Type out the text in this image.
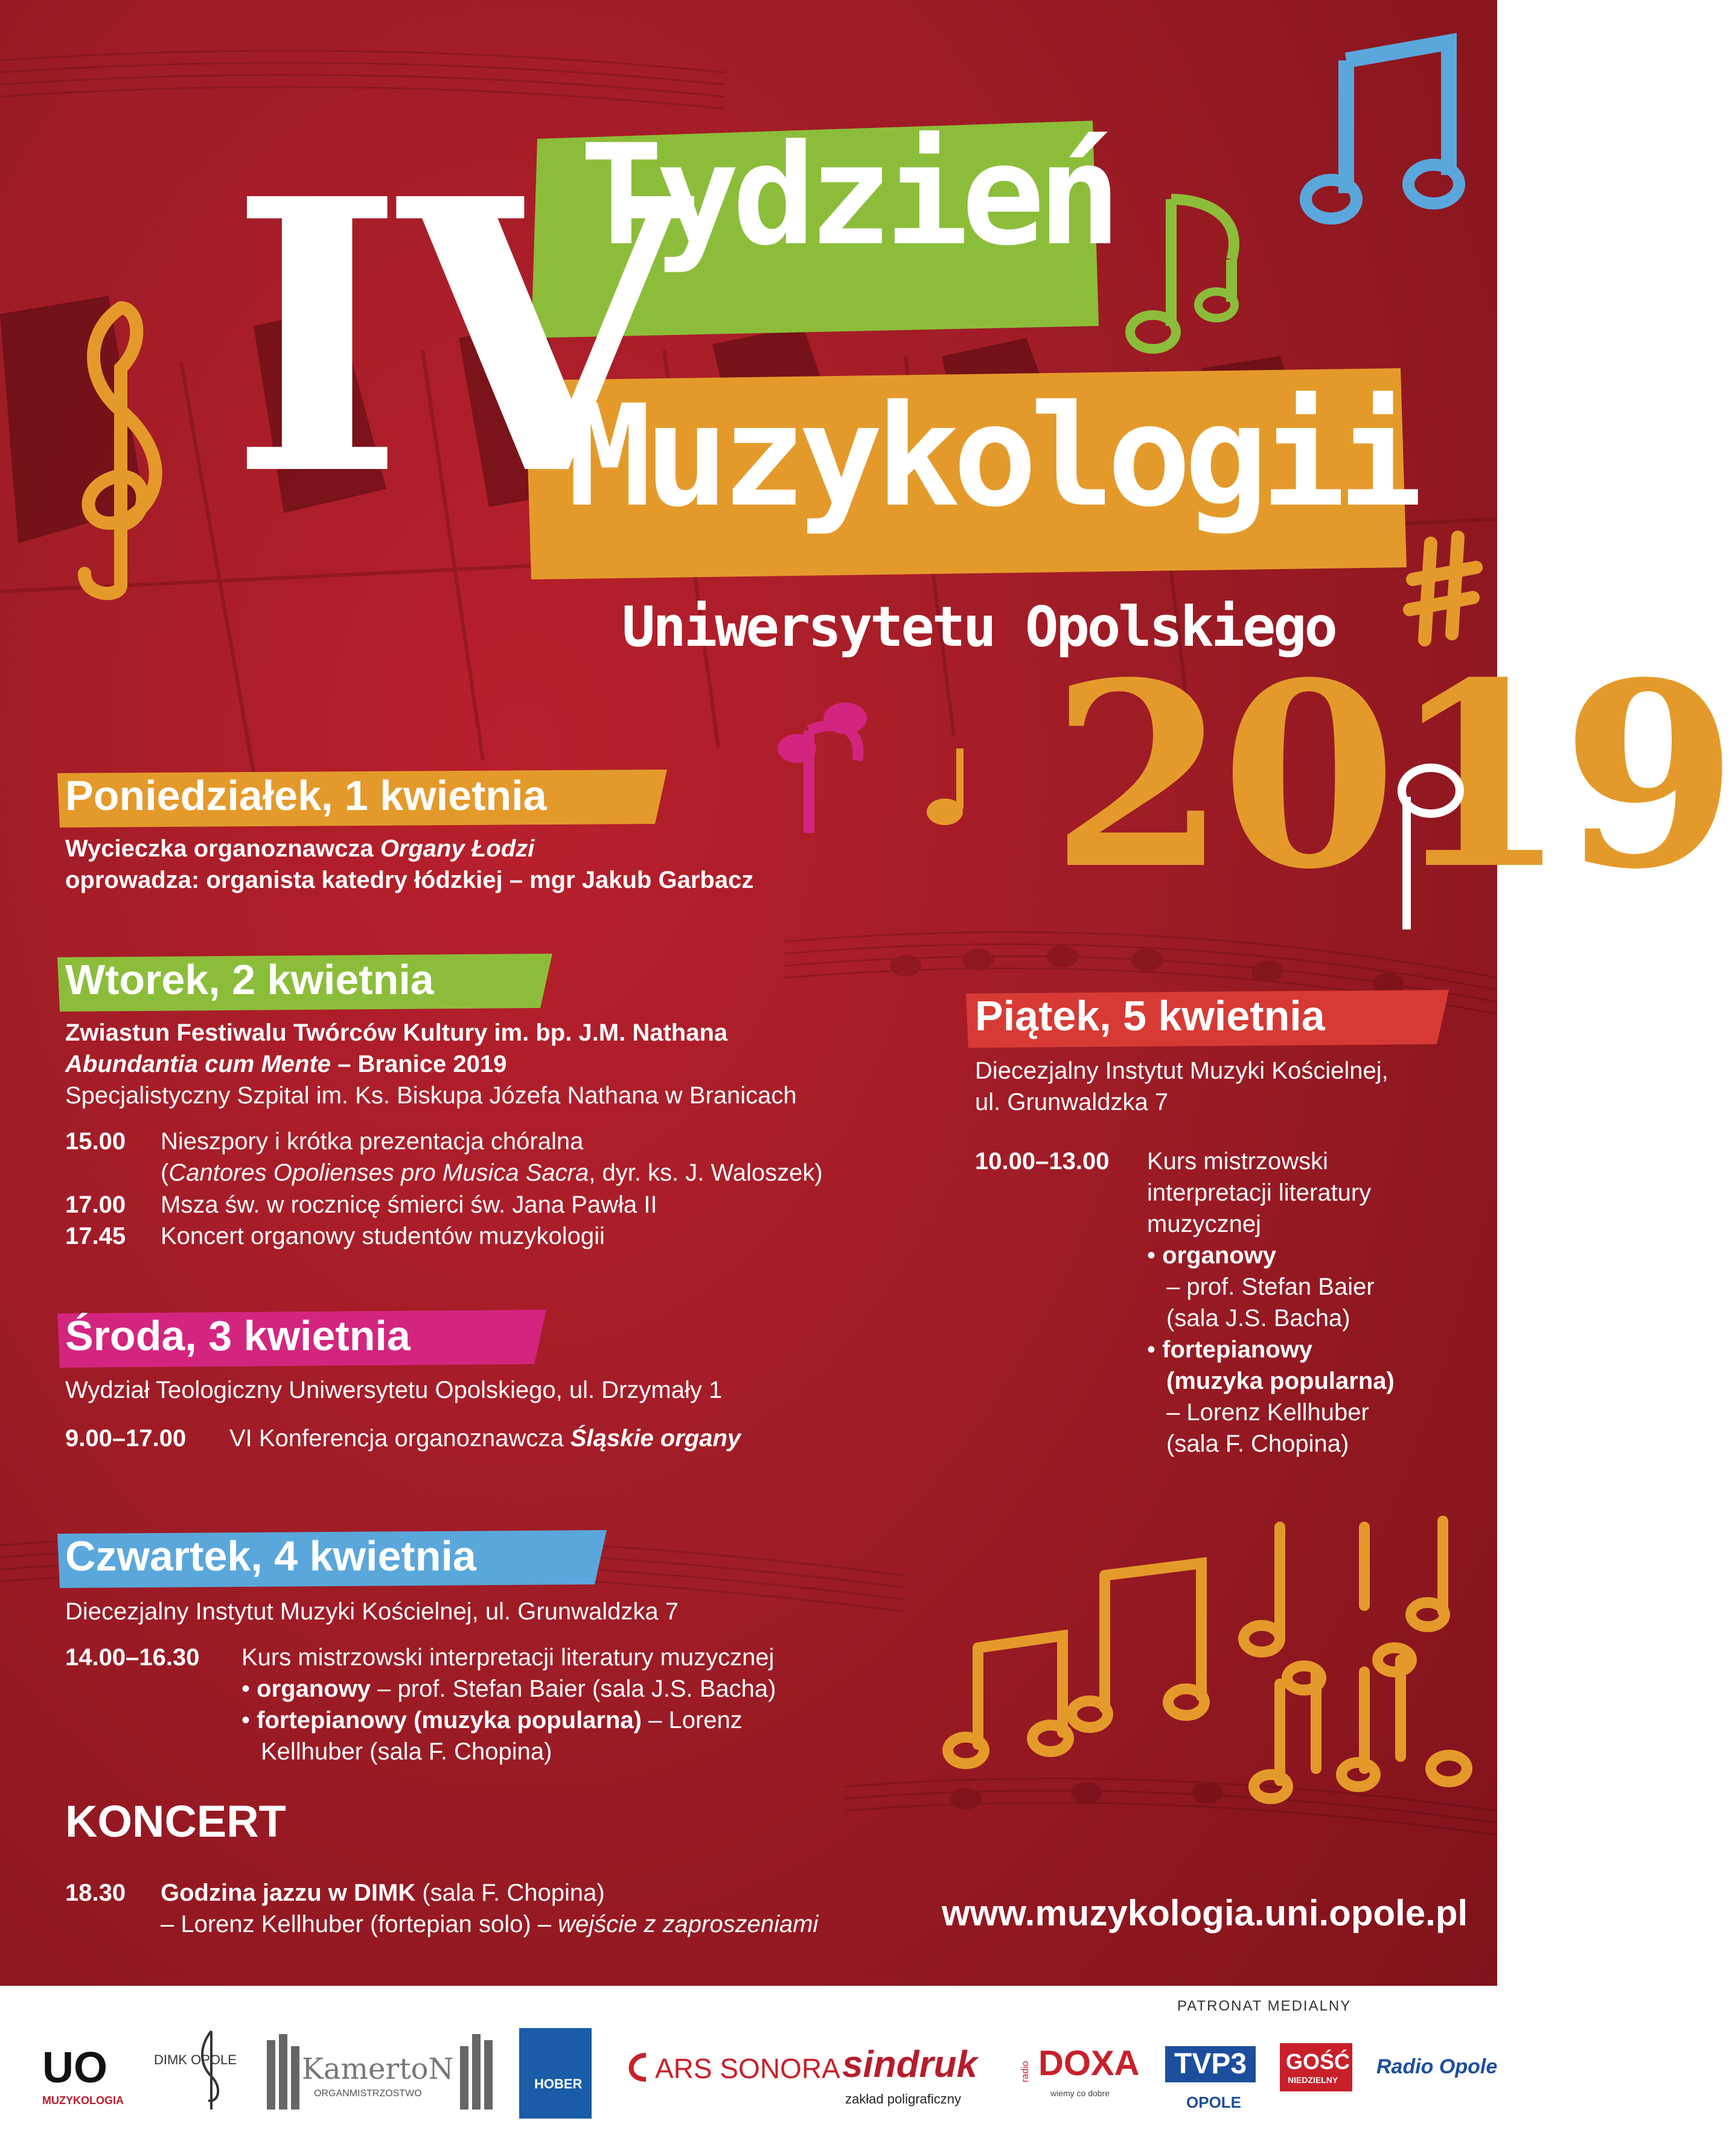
IV
Tydzień
Muzykologii
Uniwersytetu Opolskiego
2019
Poniedziałek, 1 kwietnia
Wycieczka organoznawcza Organy Łodzi
oprowadza: organista katedry łódzkiej – mgr Jakub Garbacz
Wtorek, 2 kwietnia
Zwiastun Festiwalu Twórców Kultury im. bp. J.M. Nathana
Abundantia cum Mente – Branice 2019
Specjalistyczny Szpital im. Ks. Biskupa Józefa Nathana w Branicach
15.00 Nieszpory i krótka prezentacja chóralna
(Cantores Opolienses pro Musica Sacra, dyr. ks. J. Waloszek)
17.00 Msza św. w rocznicę śmierci św. Jana Pawła II
17.45 Koncert organowy studentów muzykologii
Środa, 3 kwietnia
Wydział Teologiczny Uniwersytetu Opolskiego, ul. Drzymały 1
9.00–17.00 VI Konferencja organoznawcza Śląskie organy
Czwartek, 4 kwietnia
Diecezjalny Instytut Muzyki Kościelnej, ul. Grunwaldzka 7
14.00–16.30 Kurs mistrzowski interpretacji literatury muzycznej
• organowy – prof. Stefan Baier (sala J.S. Bacha)
• fortepianowy (muzyka popularna) – Lorenz
Kellhuber (sala F. Chopina)
KONCERT
18.30 Godzina jazzu w DIMK (sala F. Chopina)
– Lorenz Kellhuber (fortepian solo) – wejście z zaproszeniami
Piątek, 5 kwietnia
Diecezjalny Instytut Muzyki Kościelnej,
ul. Grunwaldzka 7
10.00–13.00 Kurs mistrzowski
interpretacji literatury
muzycznej
• organowy
– prof. Stefan Baier
(sala J.S. Bacha)
• fortepianowy
(muzyka popularna)
– Lorenz Kellhuber
(sala F. Chopina)
www.muzykologia.uni.opole.pl
PATRONAT MEDIALNY
UO
MUZYKOLOGIA
DIMK OPOLE KamertoN
ORGANMISTRZOSTWO
HOBER	ARS SONORA sindruk
zakład poligraficzny
radio DOXA
wiemy co dobre
TVP3
OPOLE
GOŚĆ
NIEDZIELNY
Radio Opole
